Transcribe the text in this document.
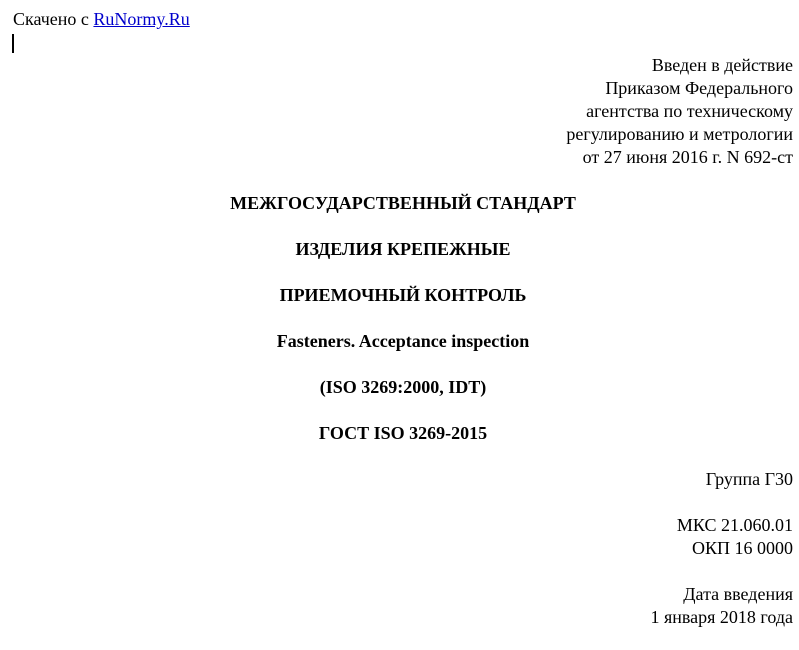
Скачено с RuNormy.Ru
Введен в действие
Приказом Федерального
агентства по техническому
регулированию и метрологии
от 27 июня 2016 г. N 692-ст
МЕЖГОСУДАРСТВЕННЫЙ СТАНДАРТ
ИЗДЕЛИЯ КРЕПЕЖНЫЕ
ПРИЕМОЧНЫЙ КОНТРОЛЬ
Fasteners. Acceptance inspection
(ISO 3269:2000, IDT)
ГОСТ ISO 3269-2015
Группа Г30
МКС 21.060.01
ОКП 16 0000
Дата введения
1 января 2018 года
